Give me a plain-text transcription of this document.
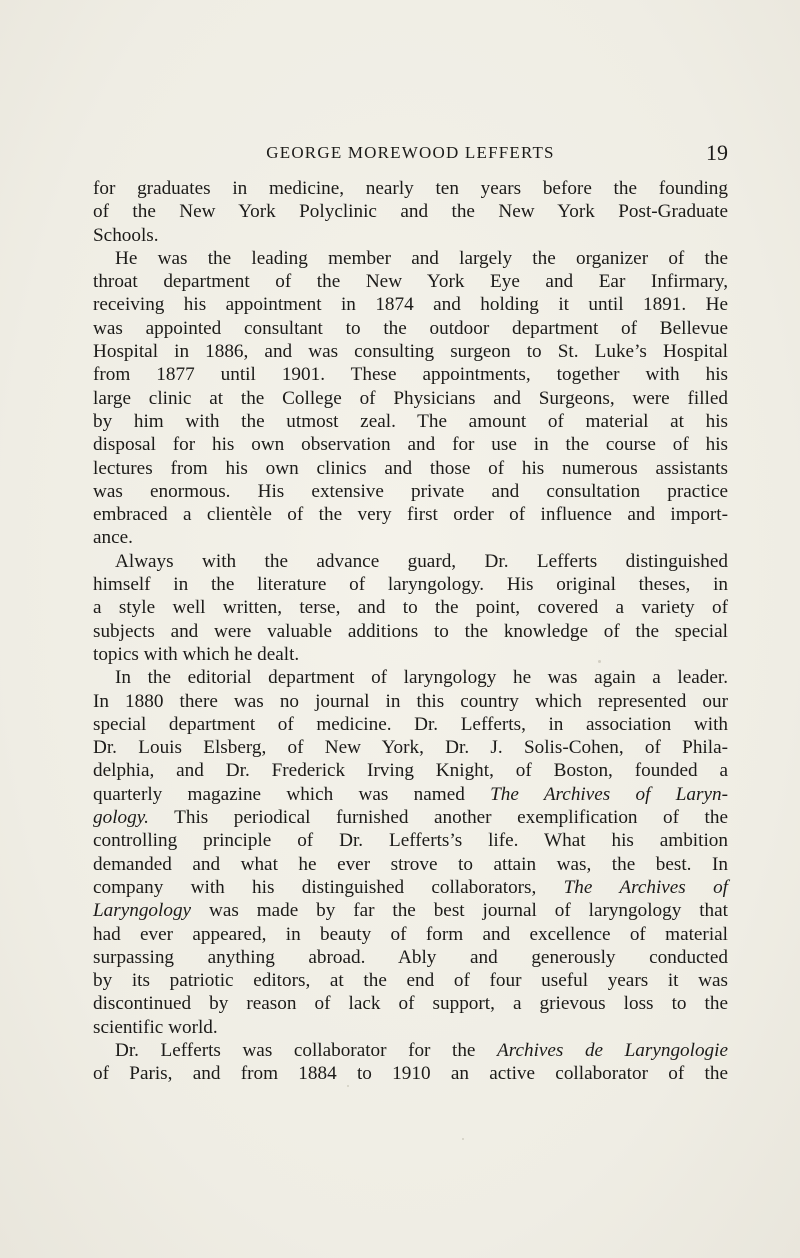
GEORGE MOREWOOD LEFFERTS	19
for graduates in medicine, nearly ten years before the founding
of the New York Polyclinic and the New York Post-Graduate
Schools.
He was the leading member and largely the organizer of the
throat department of the New York Eye and Ear Infirmary,
receiving his appointment in 1874 and holding it until 1891. He
was appointed consultant to the outdoor department of Bellevue
Hospital in 1886, and was consulting surgeon to St. Luke’s Hospital
from 1877 until 1901. These appointments, together with his
large clinic at the College of Physicians and Surgeons, were filled
by him with the utmost zeal. The amount of material at his
disposal for his own observation and for use in the course of his
lectures from his own clinics and those of his numerous assistants
was enormous. His extensive private and consultation practice
embraced a clientèle of the very first order of influence and import-
ance.
Always with the advance guard, Dr. Lefferts distinguished
himself in the literature of laryngology. His original theses, in
a style well written, terse, and to the point, covered a variety of
subjects and were valuable additions to the knowledge of the special
topics with which he dealt.
In the editorial department of laryngology he was again a leader.
In 1880 there was no journal in this country which represented our
special department of medicine. Dr. Lefferts, in association with
Dr. Louis Elsberg, of New York, Dr. J. Solis-Cohen, of Phila-
delphia, and Dr. Frederick Irving Knight, of Boston, founded a
quarterly magazine which was named The Archives of Laryn-
gology. This periodical furnished another exemplification of the
controlling principle of Dr. Lefferts’s life. What his ambition
demanded and what he ever strove to attain was, the best. In
company with his distinguished collaborators, The Archives of
Laryngology was made by far the best journal of laryngology that
had ever appeared, in beauty of form and excellence of material
surpassing anything abroad. Ably and generously conducted
by its patriotic editors, at the end of four useful years it was
discontinued by reason of lack of support, a grievous loss to the
scientific world.
Dr. Lefferts was collaborator for the Archives de Laryngologie
of Paris, and from 1884 to 1910 an active collaborator of the
